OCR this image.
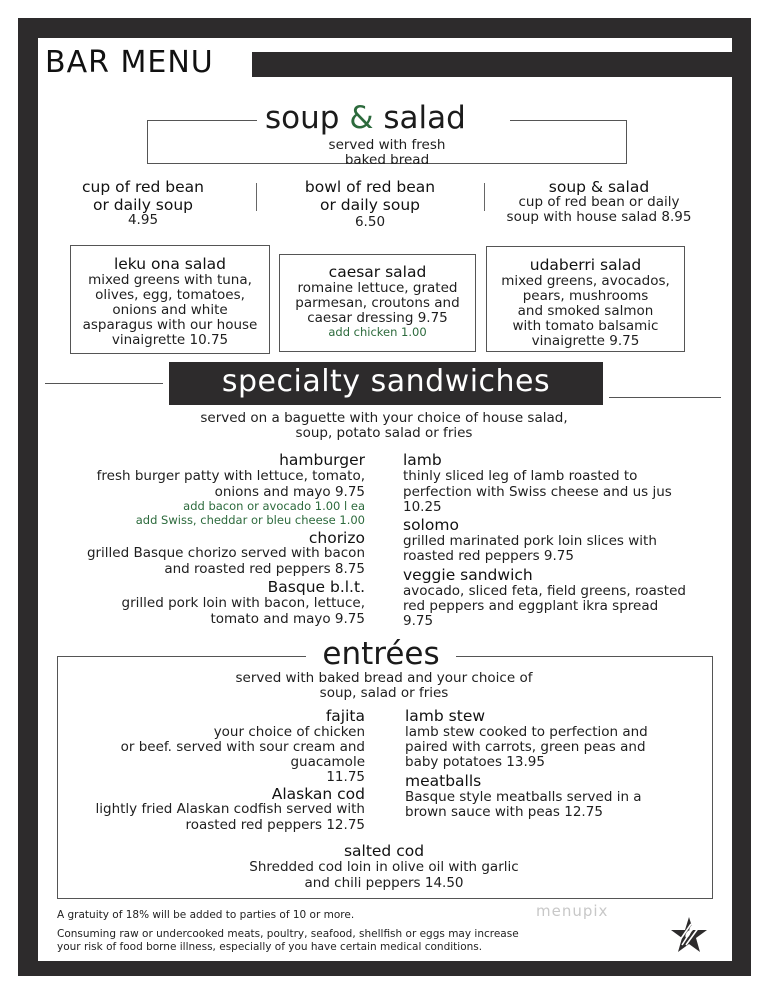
BAR MENU
soup & salad
served with fresh
baked bread
cup of red bean
or daily soup
4.95
bowl of red bean
or daily soup
6.50
soup & salad
cup of red bean or daily
soup with house salad 8.95
leku ona salad
mixed greens with tuna,
olives, egg, tomatoes,
onions and white
asparagus with our house
vinaigrette 10.75
caesar salad
romaine lettuce, grated
parmesan, croutons and
caesar dressing 9.75
add chicken 1.00
udaberri salad
mixed greens, avocados,
pears, mushrooms
and smoked salmon
with tomato balsamic
vinaigrette 9.75
specialty sandwiches
served on a baguette with your choice of house salad,
soup, potato salad or fries
hamburger
fresh burger patty with lettuce, tomato,
onions and mayo 9.75
add bacon or avocado 1.00 l ea
add Swiss, cheddar or bleu cheese 1.00
chorizo
grilled Basque chorizo served with bacon
and roasted red peppers 8.75
Basque b.l.t.
grilled pork loin with bacon, lettuce,
tomato and mayo 9.75
lamb
thinly sliced leg of lamb roasted to
perfection with Swiss cheese and us jus
10.25
solomo
grilled marinated pork loin slices with
roasted red peppers 9.75
veggie sandwich
avocado, sliced feta, field greens, roasted
red peppers and eggplant ikra spread
9.75
entrées
served with baked bread and your choice of
soup, salad or fries
fajita
your choice of chicken
or beef. served with sour cream and
guacamole
11.75
Alaskan cod
lightly fried Alaskan codfish served with
roasted red peppers 12.75
lamb stew
lamb stew cooked to perfection and
paired with carrots, green peas and
baby potatoes 13.95
meatballs
Basque style meatballs served in a
brown sauce with peas 12.75
salted cod
Shredded cod loin in olive oil with garlic
and chili peppers 14.50
A gratuity of 18% will be added to parties of 10 or more.
Consuming raw or undercooked meats, poultry, seafood, shellfish or eggs may increase
your risk of food borne illness, especially of you have certain medical conditions.
menupix
